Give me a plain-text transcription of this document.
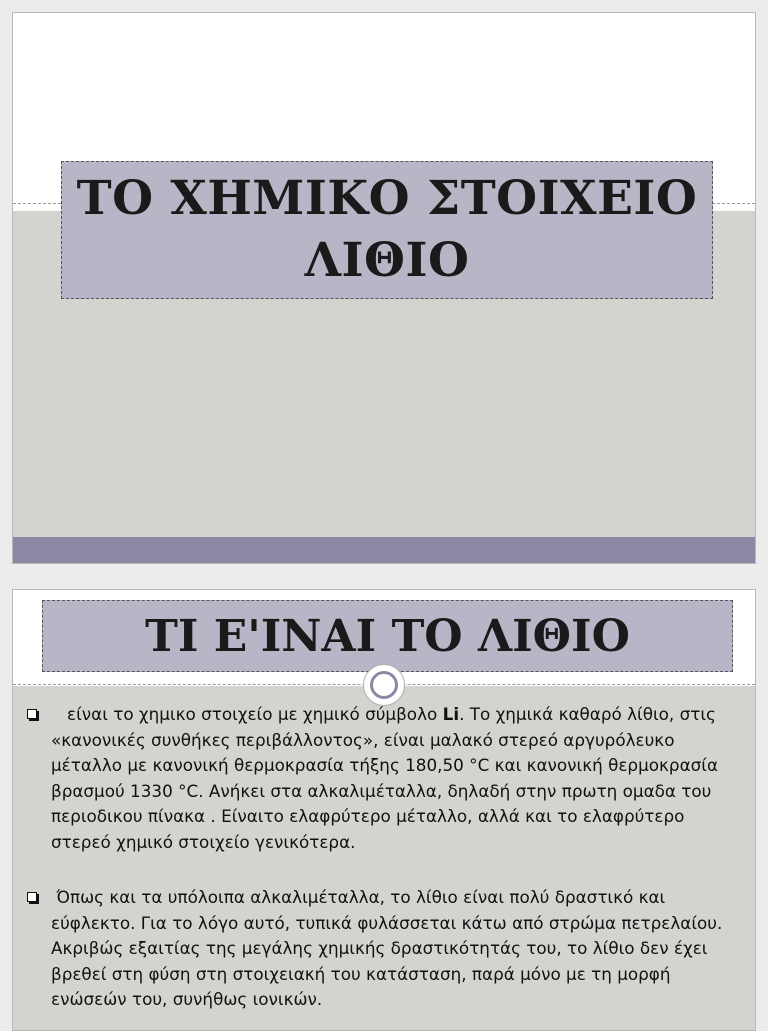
ΤΟ ΧΗΜΙΚΟ ΣΤΟΙΧΕΙΟ
ΛΙΘΙΟ
ΤΙ Ε'ΙΝΑΙ ΤΟ ΛΙΘΙΟ
είναι το χημικο στοιχείο με χημικό σύμβολο Li. Το χημικά καθαρό λίθιο, στις «κανονικές συνθήκες περιβάλλοντος», είναι μαλακό στερεό αργυρόλευκο μέταλλο με κανονική θερμοκρασία τήξης 180,50 °C και κανονική θερμοκρασία βρασμού 1330 °C. Ανήκει στα αλκαλιμέταλλα, δηλαδή στην πρωτη ομαδα του περιοδικου πίνακα . Είναιτο ελαφρύτερο μέταλλο, αλλά και το ελαφρύτερο στερεό χημικό στοιχείο γενικότερα.
Όπως και τα υπόλοιπα αλκαλιμέταλλα, το λίθιο είναι πολύ δραστικό και εύφλεκτο. Για το λόγο αυτό, τυπικά φυλάσσεται κάτω από στρώμα πετρελαίου. Ακριβώς εξαιτίας της μεγάλης χημικής δραστικότητάς του, το λίθιο δεν έχει βρεθεί στη φύση στη στοιχειακή του κατάσταση, παρά μόνο με τη μορφή ενώσεών του, συνήθως ιονικών.
